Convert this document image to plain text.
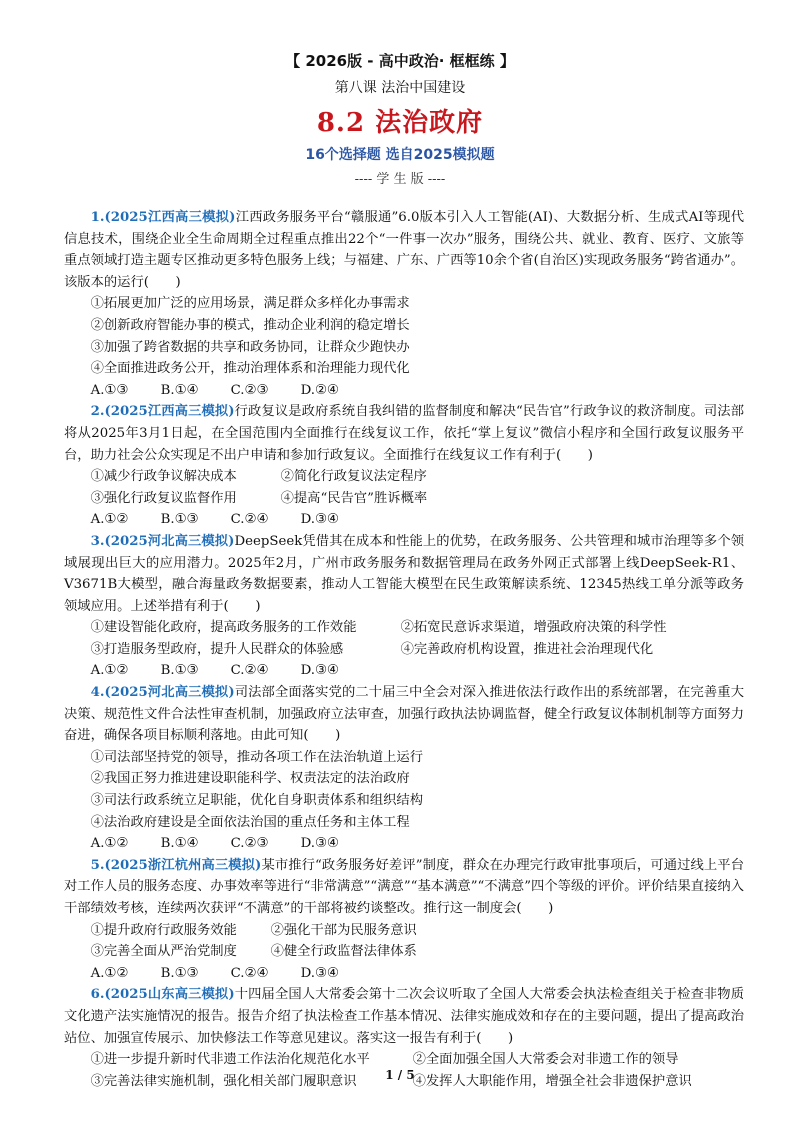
【 2026版 - 高中政治· 框框练 】
第八课 法治中国建设
8.2 法治政府
16个选择题 选自2025模拟题
---- 学 生 版 ----

1.(2025江西高三模拟)江西政务服务平台“赣服通”6.0版本引入人工智能(AI)、大数据分析、生成式AI等现代信息技术，围绕企业全生命周期全过程重点推出22个“一件事一次办”服务，围绕公共、就业、教育、医疗、文旅等重点领域打造主题专区推动更多特色服务上线；与福建、广东、广西等10余个省(自治区)实现政务服务“跨省通办”。该版本的运行(　　)

①拓展更加广泛的应用场景，满足群众多样化办事需求
②创新政府智能办事的模式，推动企业利润的稳定增长
③加强了跨省数据的共享和政务协同，让群众少跑快办
④全面推进政务公开，推动治理体系和治理能力现代化
A.①③	B.①④	C.②③	D.②④

2.(2025江西高三模拟)行政复议是政府系统自我纠错的监督制度和解决“民告官”行政争议的救济制度。司法部将从2025年3月1日起，在全国范围内全面推行在线复议工作，依托“掌上复议”微信小程序和全国行政复议服务平台，助力社会公众实现足不出户申请和参加行政复议。全面推行在线复议工作有利于(　　)

①减少行政争议解决成本	②简化行政复议法定程序
③强化行政复议监督作用	④提高“民告官”胜诉概率
A.①②	B.①③	C.②④	D.③④

3.(2025河北高三模拟)DeepSeek凭借其在成本和性能上的优势，在政务服务、公共管理和城市治理等多个领域展现出巨大的应用潜力。2025年2月，广州市政务服务和数据管理局在政务外网正式部署上线DeepSeek-R1、V3671B大模型，融合海量政务数据要素，推动人工智能大模型在民生政策解读系统、12345热线工单分派等政务领域应用。上述举措有利于(　　)

①建设智能化政府，提高政务服务的工作效能	②拓宽民意诉求渠道，增强政府决策的科学性
③打造服务型政府，提升人民群众的体验感	④完善政府机构设置，推进社会治理现代化
A.①②	B.①③	C.②④	D.③④

4.(2025河北高三模拟)司法部全面落实党的二十届三中全会对深入推进依法行政作出的系统部署，在完善重大决策、规范性文件合法性审查机制，加强政府立法审查，加强行政执法协调监督，健全行政复议体制机制等方面努力奋进，确保各项目标顺利落地。由此可知(　　)

①司法部坚持党的领导，推动各项工作在法治轨道上运行
②我国正努力推进建设职能科学、权责法定的法治政府
③司法行政系统立足职能，优化自身职责体系和组织结构
④法治政府建设是全面依法治国的重点任务和主体工程
A.①②	B.①④	C.②③	D.③④

5.(2025浙江杭州高三模拟)某市推行“政务服务好差评”制度，群众在办理完行政审批事项后，可通过线上平台对工作人员的服务态度、办事效率等进行“非常满意”“满意”“基本满意”“不满意”四个等级的评价。评价结果直接纳入干部绩效考核，连续两次获评“不满意”的干部将被约谈整改。推行这一制度会(　　)

①提升政府行政服务效能	②强化干部为民服务意识
③完善全面从严治党制度	④健全行政监督法律体系
A.①②	B.①③	C.②④	D.③④

6.(2025山东高三模拟)十四届全国人大常委会第十二次会议听取了全国人大常委会执法检查组关于检查非物质文化遗产法实施情况的报告。报告介绍了执法检查工作基本情况、法律实施成效和存在的主要问题，提出了提高政治站位、加强宣传展示、加快修法工作等意见建议。落实这一报告有利于(　　)

①进一步提升新时代非遗工作法治化规范化水平	②全面加强全国人大常委会对非遗工作的领导
③完善法律实施机制，强化相关部门履职意识	④发挥人大职能作用，增强全社会非遗保护意识
1 / 5
